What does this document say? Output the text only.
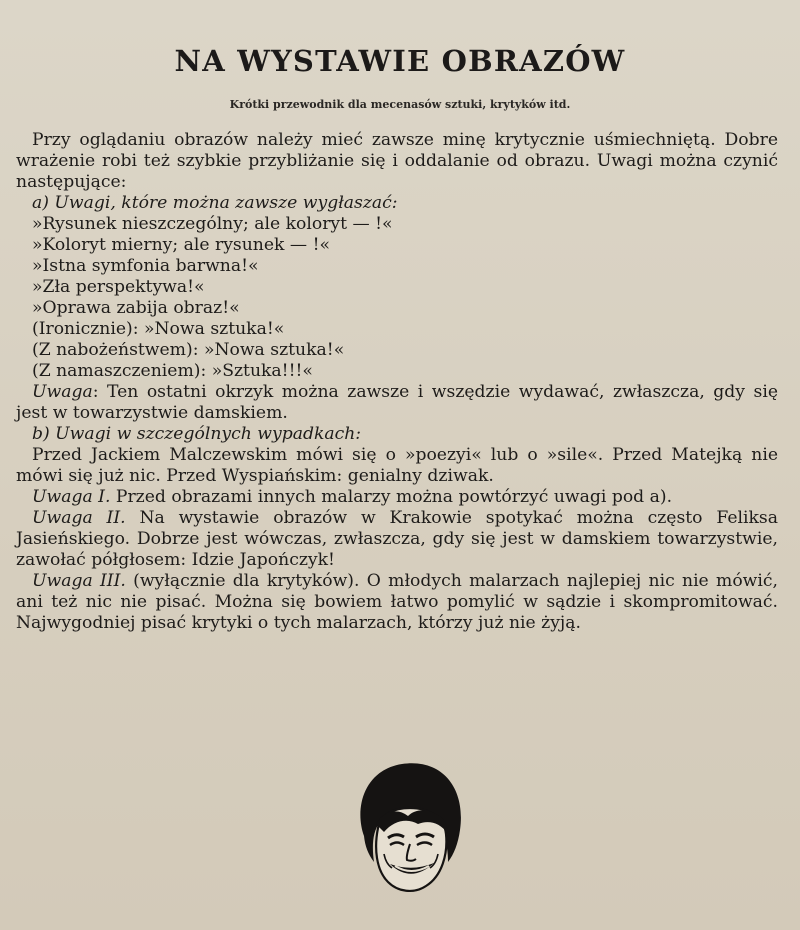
NA WYSTAWIE OBRAZÓW
Krótki przewodnik dla mecenasów sztuki, krytyków itd.

Przy oglądaniu obrazów należy mieć zawsze minę krytycznie uśmiechniętą. Dobre wrażenie robi też szybkie przybliżanie się i oddalanie od obrazu. Uwagi można czynić następujące:

a) Uwagi, które można zawsze wygłaszać:

»Rysunek nieszczególny; ale koloryt — !«

»Koloryt mierny; ale rysunek — !«

»Istna symfonia barwna!«

»Zła perspektywa!«

»Oprawa zabija obraz!«

(Ironicznie): »Nowa sztuka!«

(Z nabożeństwem): »Nowa sztuka!«

(Z namaszczeniem): »Sztuka!!!«

Uwaga: Ten ostatni okrzyk można zawsze i wszędzie wydawać, zwłaszcza, gdy się jest w towarzystwie damskiem.

b) Uwagi w szczególnych wypadkach:

Przed Jackiem Malczewskim mówi się o »poezyi« lub o »sile«. Przed Matejką nie mówi się już nic. Przed Wyspiańskim: genialny dziwak.

Uwaga I. Przed obrazami innych malarzy można powtórzyć uwagi pod a).

Uwaga II. Na wystawie obrazów w Krakowie spotykać można często Feliksa Jasieńskiego. Dobrze jest wówczas, zwłaszcza, gdy się jest w damskiem towarzystwie, zawołać półgłosem: Idzie Japończyk!

Uwaga III. (wyłącznie dla krytyków). O młodych malarzach najlepiej nic nie mówić, ani też nic nie pisać. Można się bowiem łatwo pomylić w sądzie i skompromitować. Najwygodniej pisać krytyki o tych malarzach, którzy już nie żyją.
